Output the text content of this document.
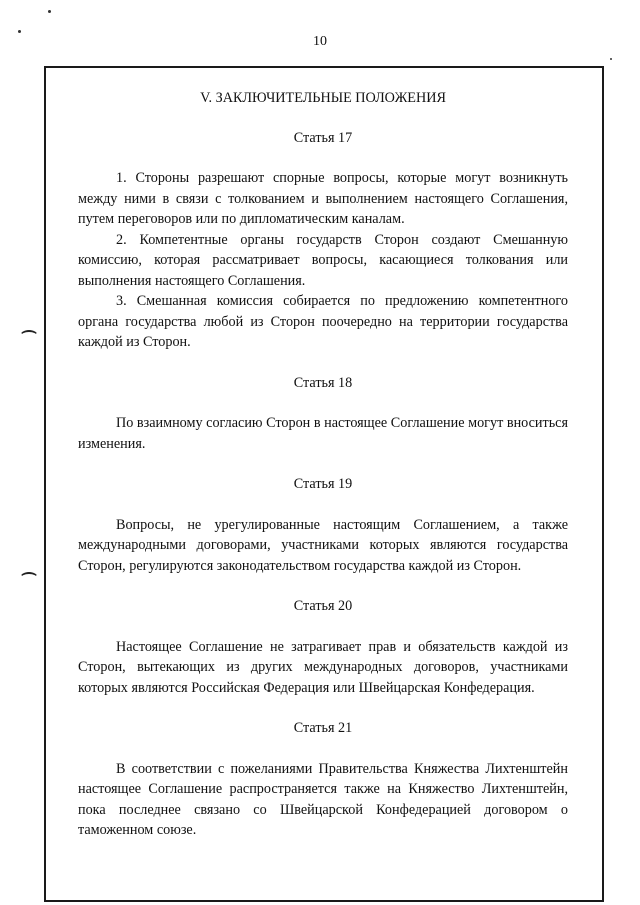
10
V. ЗАКЛЮЧИТЕЛЬНЫЕ ПОЛОЖЕНИЯ
Статья 17

1. Стороны разрешают спорные вопросы, которые могут возникнуть между ними в связи с толкованием и выполнением настоящего Соглашения, путем переговоров или по дипломатическим каналам.

2. Компетентные органы государств Сторон создают Смешанную комиссию, которая рассматривает вопросы, касающиеся толкования или выполнения настоящего Соглашения.

3. Смешанная комиссия собирается по предложению компетентного органа государства любой из Сторон поочередно на территории государства каждой из Сторон.

Статья 18

По взаимному согласию Сторон в настоящее Соглашение могут вноситься изменения.

Статья 19

Вопросы, не урегулированные настоящим Соглашением, а также международными договорами, участниками которых являются государства Сторон, регулируются законодательством государства каждой из Сторон.

Статья 20

Настоящее Соглашение не затрагивает прав и обязательств каждой из Сторон, вытекающих из других международных договоров, участниками которых являются Российская Федерация или Швейцарская Конфедерация.

Статья 21

В соответствии с пожеланиями Правительства Княжества Лихтенштейн настоящее Соглашение распространяется также на Княжество Лихтенштейн, пока последнее связано со Швейцарской Конфедерацией договором о таможенном союзе.
